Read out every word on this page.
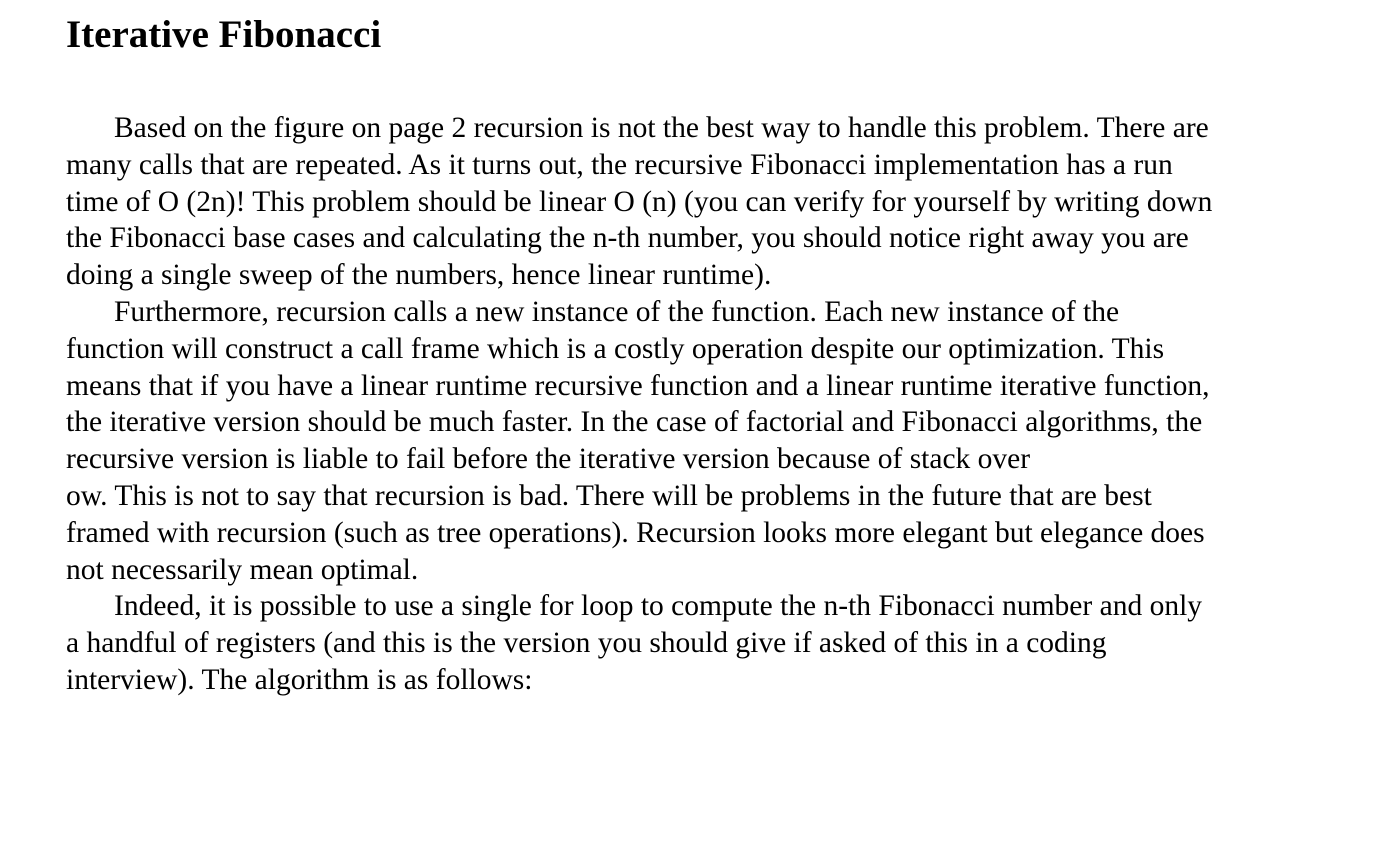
Iterative Fibonacci
Based on the figure on page 2 recursion is not the best way to handle this problem. There are
many calls that are repeated. As it turns out, the recursive Fibonacci implementation has a run
time of O (2n)! This problem should be linear O (n) (you can verify for yourself by writing down
the Fibonacci base cases and calculating the n-th number, you should notice right away you are
doing a single sweep of the numbers, hence linear runtime).
Furthermore, recursion calls a new instance of the function. Each new instance of the
function will construct a call frame which is a costly operation despite our optimization. This
means that if you have a linear runtime recursive function and a linear runtime iterative function,
the iterative version should be much faster. In the case of factorial and Fibonacci algorithms, the
recursive version is liable to fail before the iterative version because of stack over
ow. This is not to say that recursion is bad. There will be problems in the future that are best
framed with recursion (such as tree operations). Recursion looks more elegant but elegance does
not necessarily mean optimal.
Indeed, it is possible to use a single for loop to compute the n-th Fibonacci number and only
a handful of registers (and this is the version you should give if asked of this in a coding
interview). The algorithm is as follows:
